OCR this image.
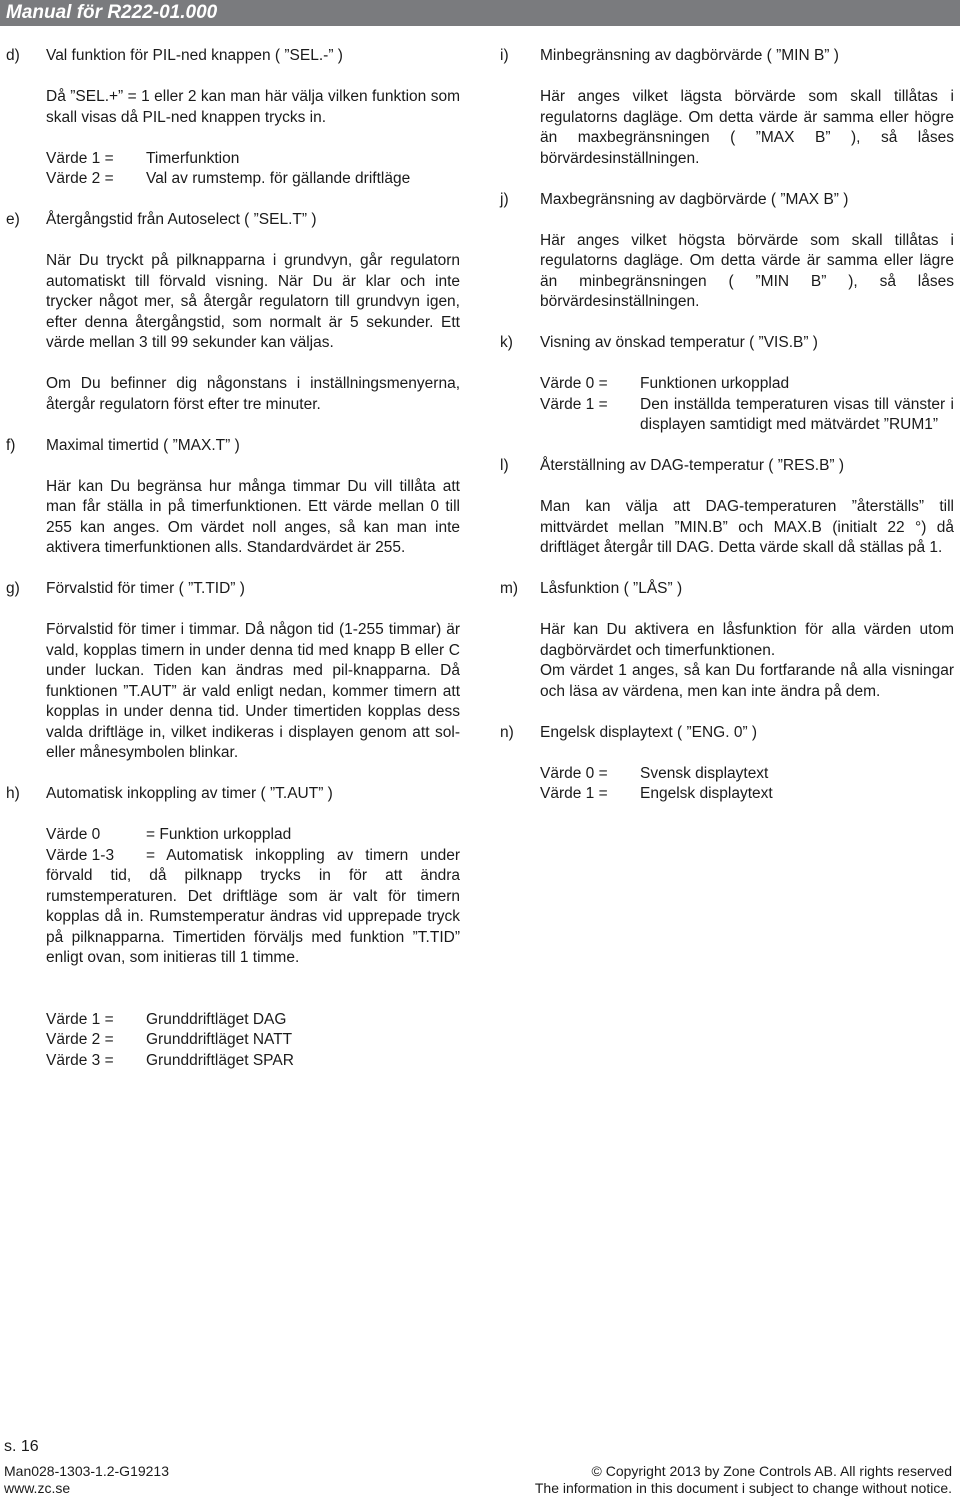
Manual för R222-01.000
d)	Val funktion för PIL-ned knappen ( ”SEL.-” )
Då ”SEL.+” = 1 eller 2 kan man här välja vilken funktion som skall visas då PIL-ned knappen trycks in.
Värde 1 =	Timerfunktion
Värde 2 =	Val av rumstemp. för gällande driftläge
e)	Återgångstid från Autoselect ( ”SEL.T” )
När Du tryckt på pilknapparna i grundvyn, går regulatorn automatiskt till förvald visning. När Du är klar och inte trycker något mer, så återgår regulatorn till grundvyn igen, efter denna återgångstid, som normalt är 5 sekunder. Ett värde mellan 3 till 99 sekunder kan väljas.
Om Du befinner dig någonstans i inställningsmenyerna, återgår regulatorn först efter tre minuter.
f)	Maximal timertid ( ”MAX.T” )
Här kan Du begränsa hur många timmar Du vill tillåta att man får ställa in på timerfunktionen. Ett värde mellan 0 till 255 kan anges. Om värdet noll anges, så kan man inte aktivera timerfunktionen alls. Standardvärdet är 255.
g)	Förvalstid för timer ( ”T.TID” )
Förvalstid för timer i timmar. Då någon tid (1-255 timmar) är vald, kopplas timern in under denna tid med knapp B eller C under luckan. Tiden kan ändras med pil-knapparna. Då funktionen ”T.AUT” är vald enligt nedan, kommer timern att kopplas in under denna tid. Under timertiden kopplas dess valda driftläge in, vilket indikeras i displayen genom att sol- eller månesymbolen blinkar.
h)	Automatisk inkoppling av timer ( ”T.AUT” )
Värde 0	= Funktion urkopplad
Värde 1-3 = Automatisk inkoppling av timern under förvald tid, då pilknapp trycks in för att ändra rumstemperaturen. Det driftläge som är valt för timern kopplas då in. Rumstemperatur ändras vid upprepade tryck på pilknapparna. Timertiden förväljs med funktion ”T.TID” enligt ovan, som initieras till 1 timme.
Värde 1 =	Grunddriftläget DAG
Värde 2 =	Grunddriftläget NATT
Värde 3 =	Grunddriftläget SPAR
i)	Minbegränsning av dagbörvärde ( ”MIN B” )
Här anges vilket lägsta börvärde som skall tillåtas i regulatorns dagläge. Om detta värde är samma eller högre än maxbegränsningen ( ”MAX B” ), så låses börvärdesinställningen.
j)	Maxbegränsning av dagbörvärde ( ”MAX B” )
Här anges vilket högsta börvärde som skall tillåtas i regulatorns dagläge. Om detta värde är samma eller lägre än minbegränsningen ( ”MIN B” ), så låses börvärdesinställningen.
k)	Visning av önskad temperatur ( ”VIS.B” )
Värde 0 =	Funktionen urkopplad
Värde 1 =	Den inställda temperaturen visas till vänster i displayen samtidigt med mätvärdet ”RUM1”
l)	Återställning av DAG-temperatur ( ”RES.B” )
Man kan välja att DAG-temperaturen ”återställs” till mittvärdet mellan ”MIN.B” och MAX.B (initialt 22 °) då driftläget återgår till DAG. Detta värde skall då ställas på 1.
m)	Låsfunktion ( ”LÅS” )
Här kan Du aktivera en låsfunktion för alla värden utom dagbörvärdet och timerfunktionen.
Om värdet 1 anges, så kan Du fortfarande nå alla visningar och läsa av värdena, men kan inte ändra på dem.
n)	Engelsk displaytext ( ”ENG. 0” )
Värde 0 =	Svensk displaytext
Värde 1 =	Engelsk displaytext
s. 16
Man028-1303-1.2-G19213
www.zc.se
© Copyright 2013 by Zone Controls AB. All rights reserved
The information in this document i subject to change without notice.
